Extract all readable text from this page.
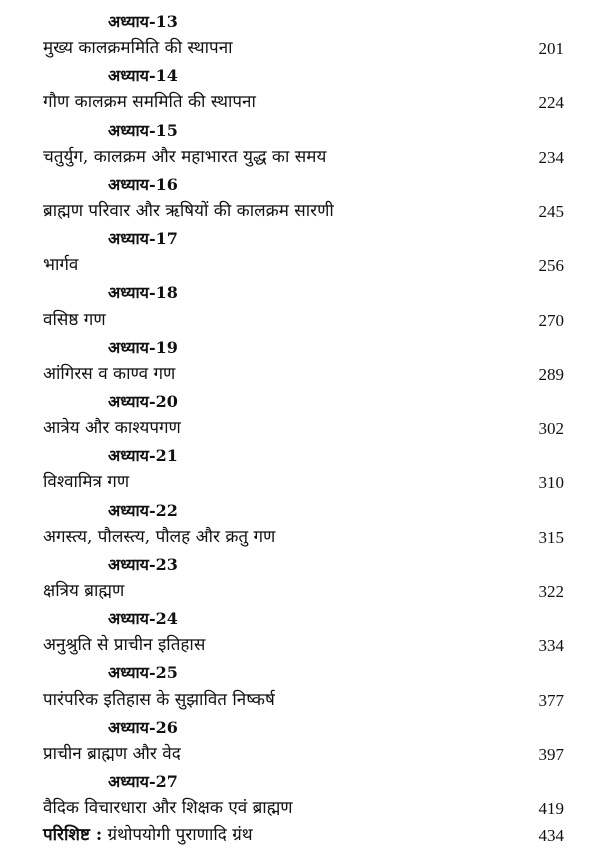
अध्याय-13
मुख्य कालक्रममिति की स्थापना	201
अध्याय-14
गौण कालक्रम सममिति की स्थापना	224
अध्याय-15
चतुर्युग, कालक्रम और महाभारत युद्ध का समय	234
अध्याय-16
ब्राह्मण परिवार और ऋषियों की कालक्रम सारणी	245
अध्याय-17
भार्गव	256
अध्याय-18
वसिष्ठ गण	270
अध्याय-19
आंगिरस व काण्व गण	289
अध्याय-20
आत्रेय और काश्यपगण	302
अध्याय-21
विश्वामित्र गण	310
अध्याय-22
अगस्त्य, पौलस्त्य, पौलह और क्रतु गण	315
अध्याय-23
क्षत्रिय ब्राह्मण	322
अध्याय-24
अनुश्रुति से प्राचीन इतिहास	334
अध्याय-25
पारंपरिक इतिहास के सुझावित निष्कर्ष	377
अध्याय-26
प्राचीन ब्राह्मण और वेद	397
अध्याय-27
वैदिक विचारधारा और शिक्षक एवं ब्राह्मण	419
परिशिष्ट : ग्रंथोपयोगी पुराणादि ग्रंथ	434
